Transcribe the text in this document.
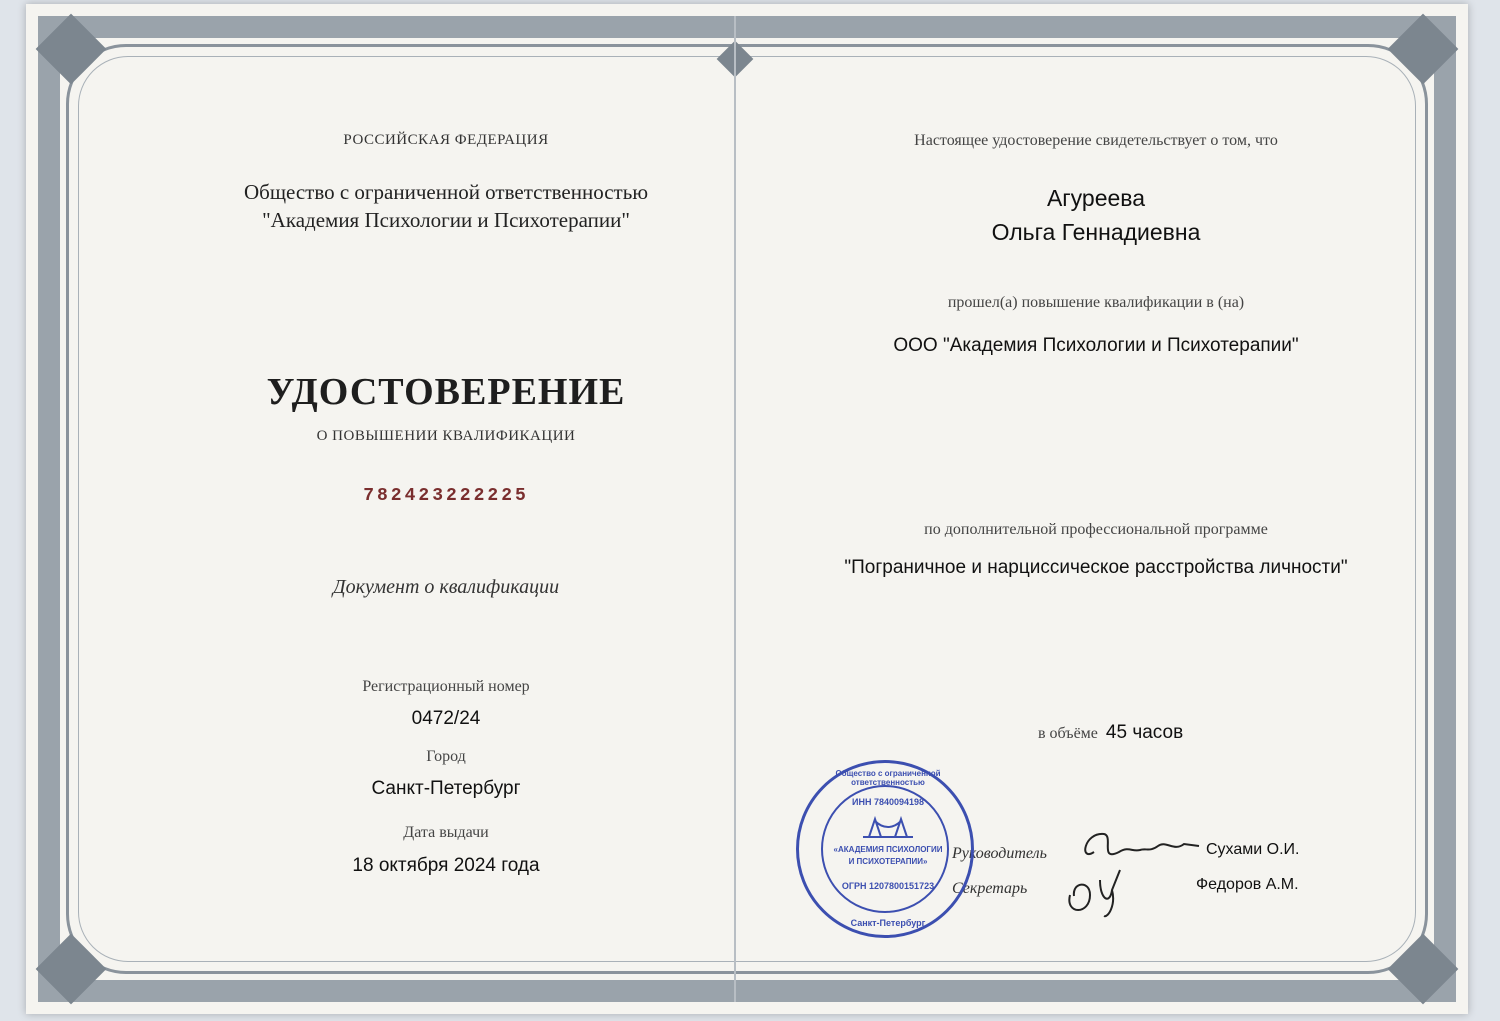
РОССИЙСКАЯ ФЕДЕРАЦИЯ
Общество с ограниченной ответственностью
"Академия Психологии и Психотерапии"
УДОСТОВЕРЕНИЕ
О ПОВЫШЕНИИ КВАЛИФИКАЦИИ
782423222225
Документ о квалификации
Регистрационный номер
0472/24
Город
Санкт-Петербург
Дата выдачи
18 октября 2024 года
Настоящее удостоверение свидетельствует о том, что
Агуреева
Ольга Геннадиевна
прошел(а) повышение квалификации в (на)
ООО "Академия Психологии и Психотерапии"
по дополнительной профессиональной программе
"Пограничное и нарциссическое расстройства личности"
в объёме 45 часов
Руководитель	Сухами О.И.
Секретарь	Федоров А.М.
Общество с ограниченной ответственностью
ИНН 7840094198
«АКАДЕМИЯ ПСИХОЛОГИИ
И ПСИХОТЕРАПИИ»
ОГРН 1207800151723
Санкт-Петербург
